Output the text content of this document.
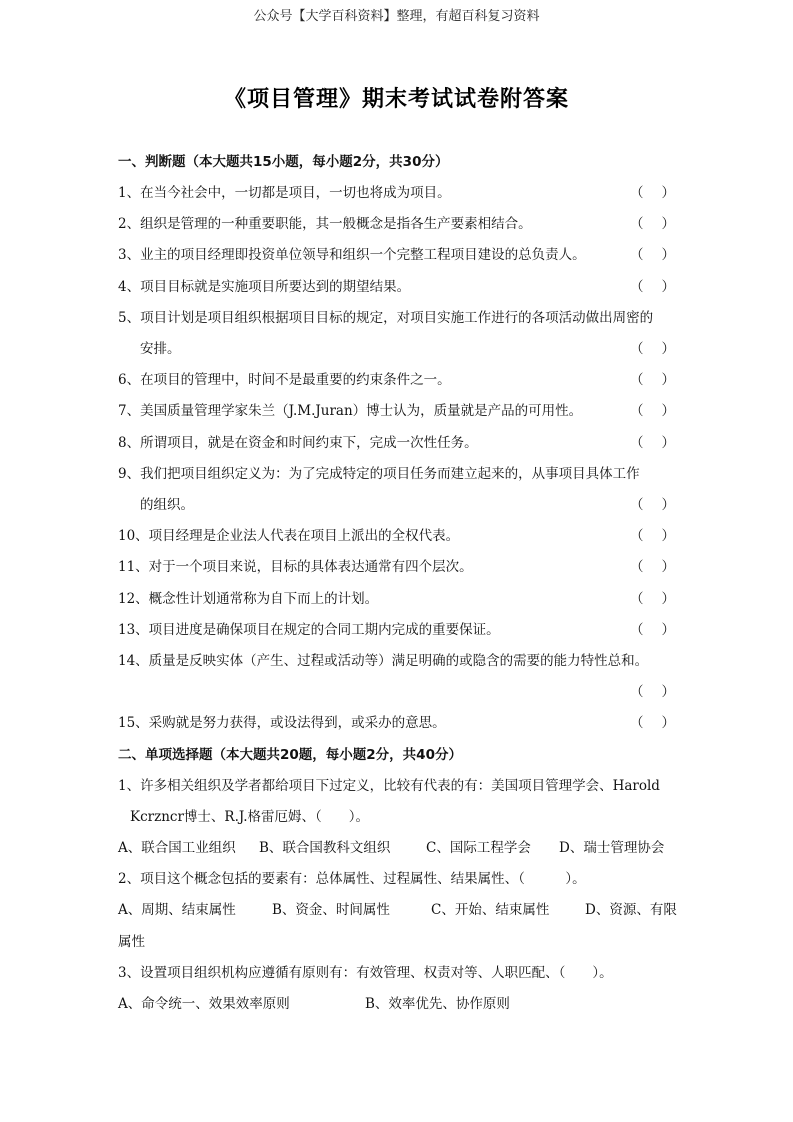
公众号【大学百科资料】整理，有超百科复习资料
《项目管理》期末考试试卷附答案
一、判断题（本大题共15小题，每小题2分，共30分）
1、在当今社会中，一切都是项目，一切也将成为项目。	（ ）
2、组织是管理的一种重要职能，其一般概念是指各生产要素相结合。	（ ）
3、业主的项目经理即投资单位领导和组织一个完整工程项目建设的总负责人。	（ ）
4、项目目标就是实施项目所要达到的期望结果。	（ ）
5、项目计划是项目组织根据项目目标的规定，对项目实施工作进行的各项活动做出周密的
安排。	（ ）
6、在项目的管理中，时间不是最重要的约束条件之一。	（ ）
7、美国质量管理学家朱兰（J.M.Juran）博士认为，质量就是产品的可用性。	（ ）
8、所谓项目，就是在资金和时间约束下，完成一次性任务。	（ ）
9、我们把项目组织定义为：为了完成特定的项目任务而建立起来的，从事项目具体工作
的组织。	（ ）
10、项目经理是企业法人代表在项目上派出的全权代表。	（ ）
11、对于一个项目来说，目标的具体表达通常有四个层次。	（ ）
12、概念性计划通常称为自下而上的计划。	（ ）
13、项目进度是确保项目在规定的合同工期内完成的重要保证。	（ ）
14、质量是反映实体（产生、过程或活动等）满足明确的或隐含的需要的能力特性总和。
（ ）
15、采购就是努力获得，或设法得到，或采办的意思。	（ ）
二、单项选择题（本大题共20题，每小题2分，共40分）
1、许多相关组织及学者都给项目下过定义，比较有代表的有：美国项目管理学会、Harold
Kcrzncr博士、R.J.格雷厄姆、（　　）。
A、联合国工业组织 B、联合国教科文组织	C、国际工程学会 D、瑞士管理协会
2、项目这个概念包括的要素有：总体属性、过程属性、结果属性、（　　　）。
A、周期、结束属性	B、资金、时间属性	C、开始、结束属性	D、资源、有限
属性
3、设置项目组织机构应遵循有原则有：有效管理、权责对等、人职匹配、（　　）。
A、命令统一、效果效率原则	B、效率优先、协作原则
